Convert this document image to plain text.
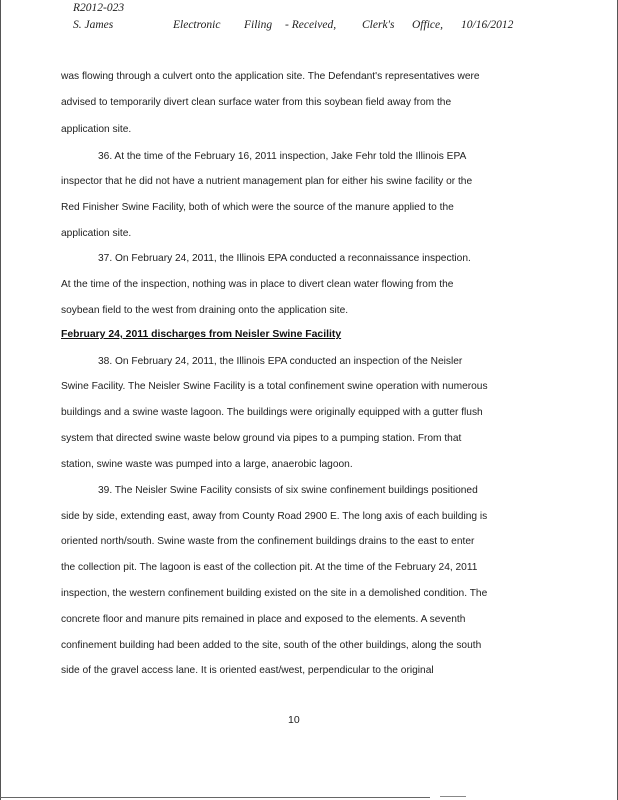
R2012-023
S. James	Electronic Filing - Received, Clerk's Office, 10/16/2012
was flowing through a culvert onto the application site. The Defendant's representatives were
advised to temporarily divert clean surface water from this soybean field away from the
application site.
36. At the time of the February 16, 2011 inspection, Jake Fehr told the Illinois EPA
inspector that he did not have a nutrient management plan for either his swine facility or the
Red Finisher Swine Facility, both of which were the source of the manure applied to the
application site.
37. On February 24, 2011, the Illinois EPA conducted a reconnaissance inspection.
At the time of the inspection, nothing was in place to divert clean water flowing from the
soybean field to the west from draining onto the application site.
February 24, 2011 discharges from Neisler Swine Facility
38. On February 24, 2011, the Illinois EPA conducted an inspection of the Neisler
Swine Facility. The Neisler Swine Facility is a total confinement swine operation with numerous
buildings and a swine waste lagoon. The buildings were originally equipped with a gutter flush
system that directed swine waste below ground via pipes to a pumping station. From that
station, swine waste was pumped into a large, anaerobic lagoon.
39. The Neisler Swine Facility consists of six swine confinement buildings positioned
side by side, extending east, away from County Road 2900 E. The long axis of each building is
oriented north/south. Swine waste from the confinement buildings drains to the east to enter
the collection pit. The lagoon is east of the collection pit. At the time of the February 24, 2011
inspection, the western confinement building existed on the site in a demolished condition. The
concrete floor and manure pits remained in place and exposed to the elements. A seventh
confinement building had been added to the site, south of the other buildings, along the south
side of the gravel access lane. It is oriented east/west, perpendicular to the original
10
